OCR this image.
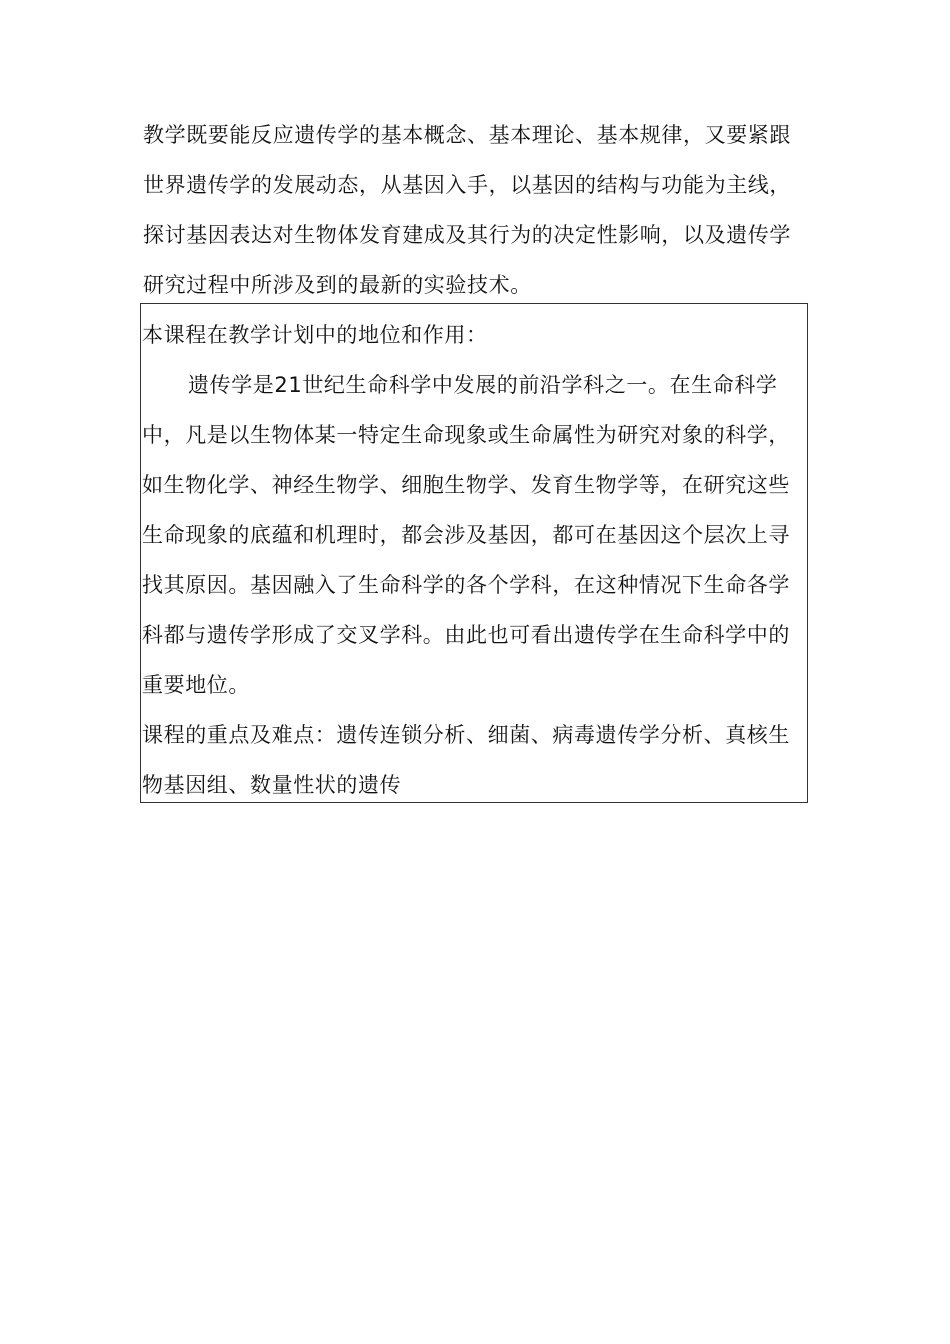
教学既要能反应遗传学的基本概念、基本理论、基本规律，又要紧跟世界遗传学的发展动态，从基因入手，以基因的结构与功能为主线，探讨基因表达对生物体发育建成及其行为的决定性影响，以及遗传学研究过程中所涉及到的最新的实验技术。

本课程在教学计划中的地位和作用：

遗传学是21世纪生命科学中发展的前沿学科之一。在生命科学中，凡是以生物体某一特定生命现象或生命属性为研究对象的科学，如生物化学、神经生物学、细胞生物学、发育生物学等，在研究这些生命现象的底蕴和机理时，都会涉及基因，都可在基因这个层次上寻找其原因。基因融入了生命科学的各个学科，在这种情况下生命各学科都与遗传学形成了交叉学科。由此也可看出遗传学在生命科学中的重要地位。

课程的重点及难点：遗传连锁分析、细菌、病毒遗传学分析、真核生物基因组、数量性状的遗传
